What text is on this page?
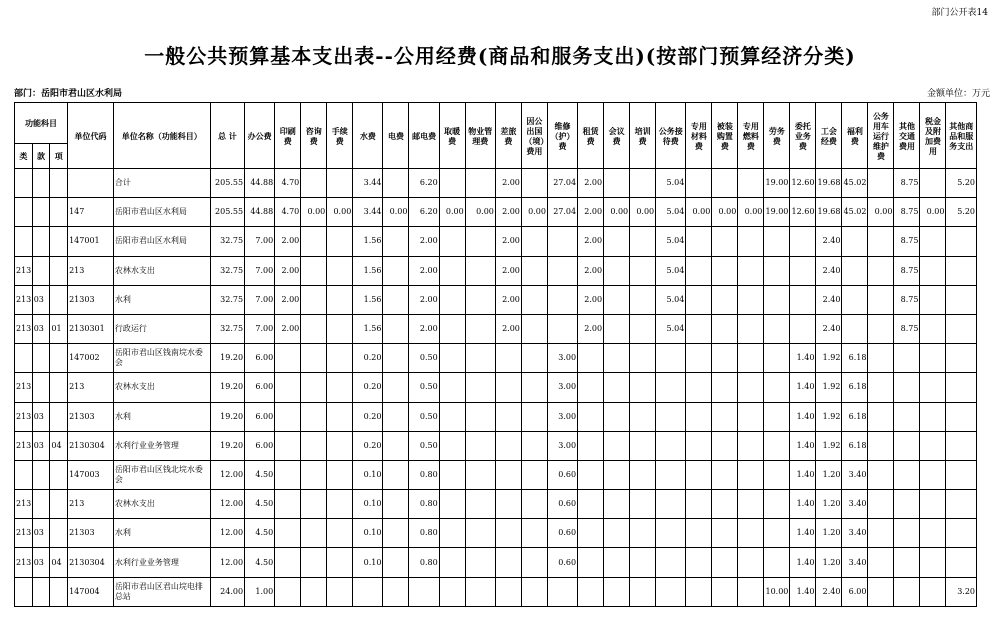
部门公开表14
一般公共预算基本支出表--公用经费(商品和服务支出)(按部门预算经济分类)
部门：岳阳市君山区水利局	金额单位：万元
功能科目			单位代码	单位名称（功能科目）	总 计	办公费	印刷费	咨询费	手续费	水费	电费	邮电费	取暖费	物业管理费	差旅费	因公出国（境）费用	维修（护）费	租赁费	会议费	培训费	公务接待费	专用材料费	被装购置费	专用燃料费	劳务费	委托业务费	工会经费	福利费	公务用车运行维护费	其他交通费用	税金及附加费用	其他商品和服务支出
类	款	项																														
				合计	205.55	44.88	4.70			3.44		6.20			2.00		27.04	2.00			5.04				19.00	12.60	19.68	45.02		8.75		5.20
			147	岳阳市君山区水利局	205.55	44.88	4.70	0.00	0.00	3.44	0.00	6.20	0.00	0.00	2.00	0.00	27.04	2.00	0.00	0.00	5.04	0.00	0.00	0.00	19.00	12.60	19.68	45.02	0.00	8.75	0.00	5.20
			147001	岳阳市君山区水利局	32.75	7.00	2.00			1.56		2.00			2.00			2.00			5.04						2.40			8.75		
213			213	农林水支出	32.75	7.00	2.00			1.56		2.00			2.00			2.00			5.04						2.40			8.75		
213	03		21303	水利	32.75	7.00	2.00			1.56		2.00			2.00			2.00			5.04						2.40			8.75		
213	03	01	2130301	行政运行	32.75	7.00	2.00			1.56		2.00			2.00			2.00			5.04						2.40			8.75		
			147002	岳阳市君山区钱南垸水委会	19.20	6.00				0.20		0.50					3.00									1.40	1.92	6.18				
213			213	农林水支出	19.20	6.00				0.20		0.50					3.00									1.40	1.92	6.18				
213	03		21303	水利	19.20	6.00				0.20		0.50					3.00									1.40	1.92	6.18				
213	03	04	2130304	水利行业业务管理	19.20	6.00				0.20		0.50					3.00									1.40	1.92	6.18				
			147003	岳阳市君山区钱北垸水委会	12.00	4.50				0.10		0.80					0.60									1.40	1.20	3.40				
213			213	农林水支出	12.00	4.50				0.10		0.80					0.60									1.40	1.20	3.40				
213	03		21303	水利	12.00	4.50				0.10		0.80					0.60									1.40	1.20	3.40				
213	03	04	2130304	水利行业业务管理	12.00	4.50				0.10		0.80					0.60									1.40	1.20	3.40				
			147004	岳阳市君山区君山垸电排总站	24.00	1.00																			10.00	1.40	2.40	6.00				3.20
